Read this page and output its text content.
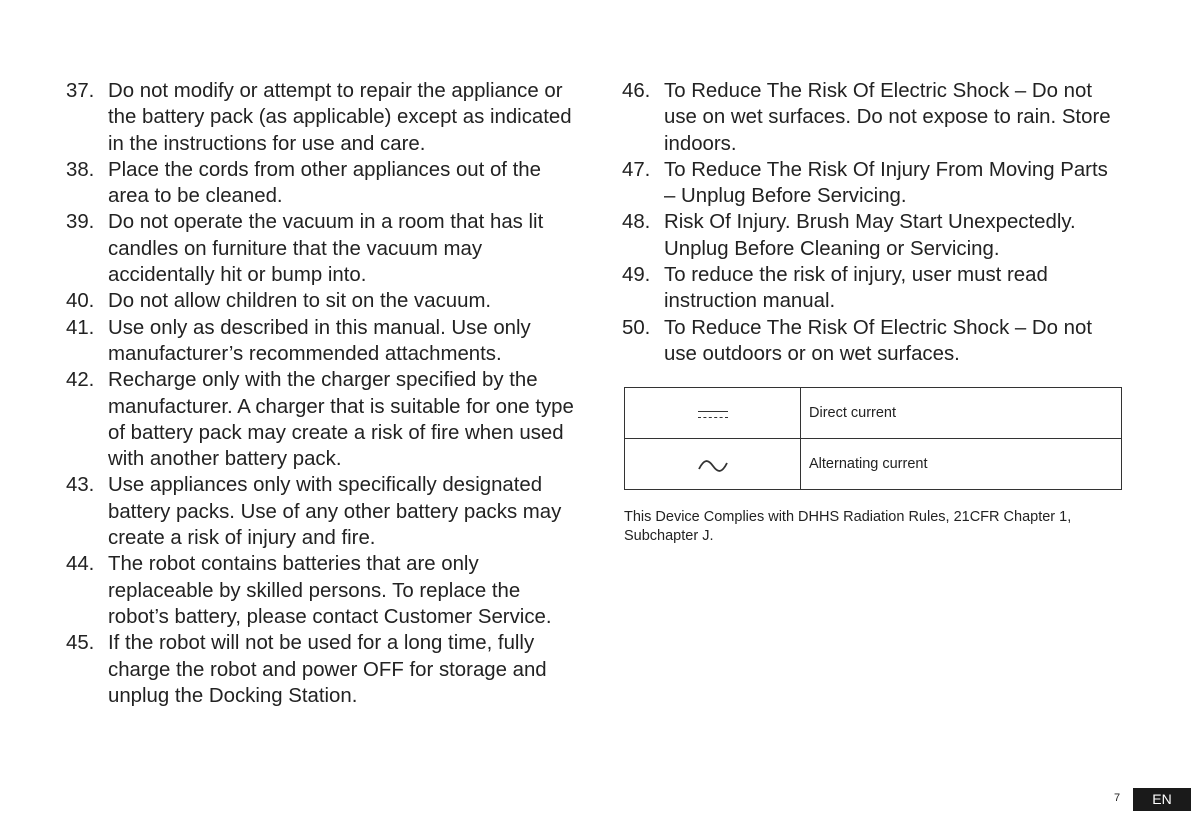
37. Do not modify or attempt to repair the appliance or the battery pack (as applicable) except as indicated in the instructions for use and care.
38. Place the cords from other appliances out of the area to be cleaned.
39. Do not operate the vacuum in a room that has lit candles on furniture that the vacuum may accidentally hit or bump into.
40. Do not allow children to sit on the vacuum.
41. Use only as described in this manual. Use only manufacturer’s recommended attachments.
42. Recharge only with the charger specified by the manufacturer. A charger that is suitable for one type of battery pack may create a risk of fire when used with another battery pack.
43. Use appliances only with specifically designated battery packs. Use of any other battery packs may create a risk of injury and fire.
44. The robot contains batteries that are only replaceable by skilled persons. To replace the robot’s battery, please contact Customer Service.
45. If the robot will not be used for a long time, fully charge the robot and power OFF for storage and unplug the Docking Station.
46. To Reduce The Risk Of Electric Shock – Do not use on wet surfaces. Do not expose to rain. Store indoors.
47. To Reduce The Risk Of Injury From Moving Parts – Unplug Before Servicing.
48. Risk Of Injury. Brush May Start Unexpectedly. Unplug Before Cleaning or Servicing.
49. To reduce the risk of injury, user must read instruction manual.
50. To Reduce The Risk Of Electric Shock – Do not use outdoors or on wet surfaces.
	Direct current
	Alternating current
This Device Complies with DHHS Radiation Rules, 21CFR Chapter 1, Subchapter J.
7	EN
